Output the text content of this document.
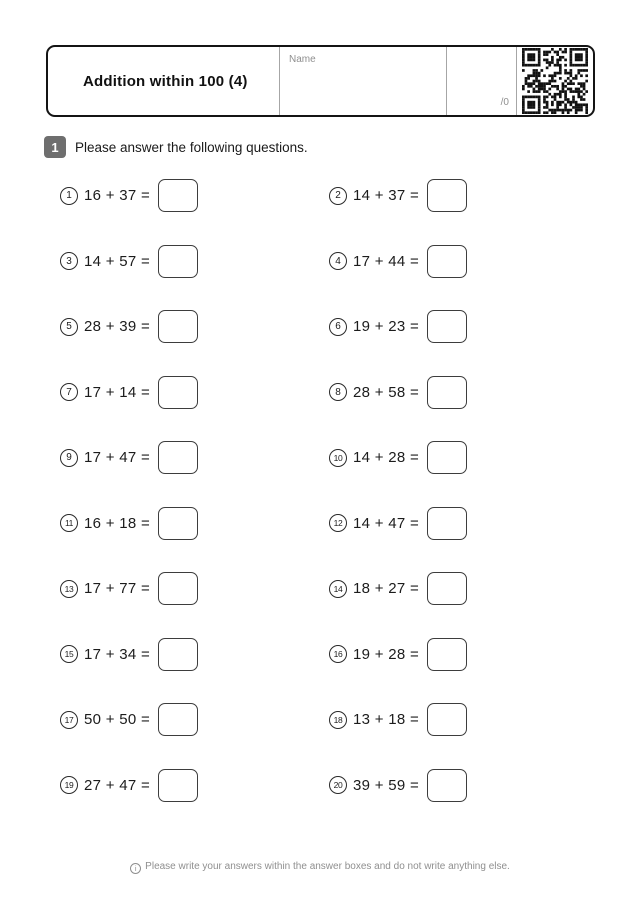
Addition within 100 (4)
Name
/0
1	Please answer the following questions.
1 16 + 37 =	2 14 + 37 =
3 14 + 57 =	4 17 + 44 =
5 28 + 39 =	6 19 + 23 =
7 17 + 14 =	8 28 + 58 =
9 17 + 47 =	10 14 + 28 =
11 16 + 18 =	12 14 + 47 =
13 17 + 77 =	14 18 + 27 =
15 17 + 34 =	16 19 + 28 =
17 50 + 50 =	18 13 + 18 =
19 27 + 47 =	20 39 + 59 =
i Please write your answers within the answer boxes and do not write anything else.
